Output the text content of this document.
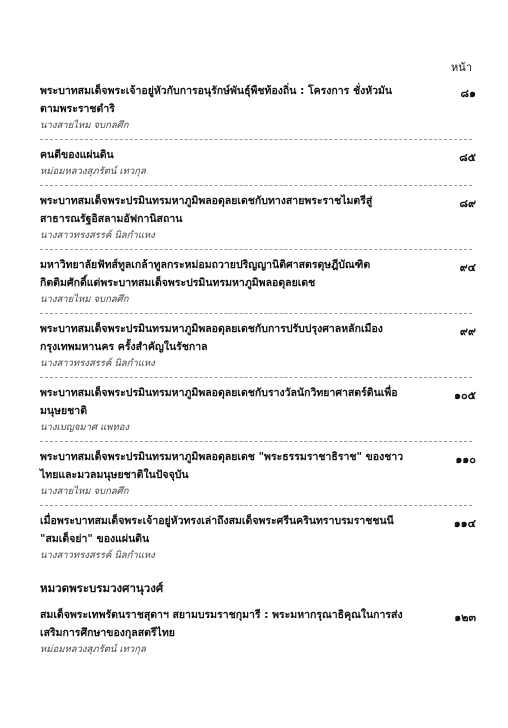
หน้า
พระบาทสมเด็จพระเจ้าอยู่หัวกับการอนุรักษ์พันธุ์พืชท้องถิ่น : โครงการ ชั่งหัวมัน ตามพระราชดำริ
นางสายไหม จบกลศึก
๘๑
คนดีของแผ่นดิน
หม่อมหลวงสุภรัตน์ เทวกุล
๘๕
พระบาทสมเด็จพระปรมินทรมหาภูมิพลอดุลยเดชกับทางสายพระราชไมตรีสู่สาธารณรัฐอิสลามอัฟกานิสถาน
นางสาวทรงสรรค์ นิลกำแหง
๘๙
มหาวิทยาลัยฟัทส์ทูลเกล้าทูลกระหม่อมถวายปริญญานิติศาสตรดุษฎีบัณฑิตกิตติมศักดิ์แด่พระบาทสมเด็จพระปรมินทรมหาภูมิพลอดุลยเดช
นางสายไหม จบกลศึก
๙๔
พระบาทสมเด็จพระปรมินทรมหาภูมิพลอดุลยเดชกับการปรับปรุงศาลหลักเมืองกรุงเทพมหานคร ครั้งสำคัญในรัชกาล
นางสาวทรงสรรค์ นิลกำแหง
๙๙
พระบาทสมเด็จพระปรมินทรมหาภูมิพลอดุลยเดชกับรางวัลนักวิทยาศาสตร์ดินเพื่อมนุษยชาติ
นางเบญจมาศ แพทอง
๑๐๕
พระบาทสมเด็จพระปรมินทรมหาภูมิพลอดุลยเดช "พระธรรมราชาธิราช" ของชาวไทยและมวลมนุษยชาติในปัจจุบัน
นางสายไหม จบกลศึก
๑๑๐
เมื่อพระบาทสมเด็จพระเจ้าอยู่หัวทรงเล่าถึงสมเด็จพระศรีนครินทราบรมราชชนนี "สมเด็จย่า" ของแผ่นดิน
นางสาวทรงสรรค์ นิลกำแหง
๑๑๔
หมวดพระบรมวงศานุวงศ์
สมเด็จพระเทพรัตนราชสุดาฯ สยามบรมราชกุมารี : พระมหากรุณาธิคุณในการส่งเสริมการศึกษาของกุลสตรีไทย
หม่อมหลวงสุภรัตน์ เทวกุล
๑๒๓
